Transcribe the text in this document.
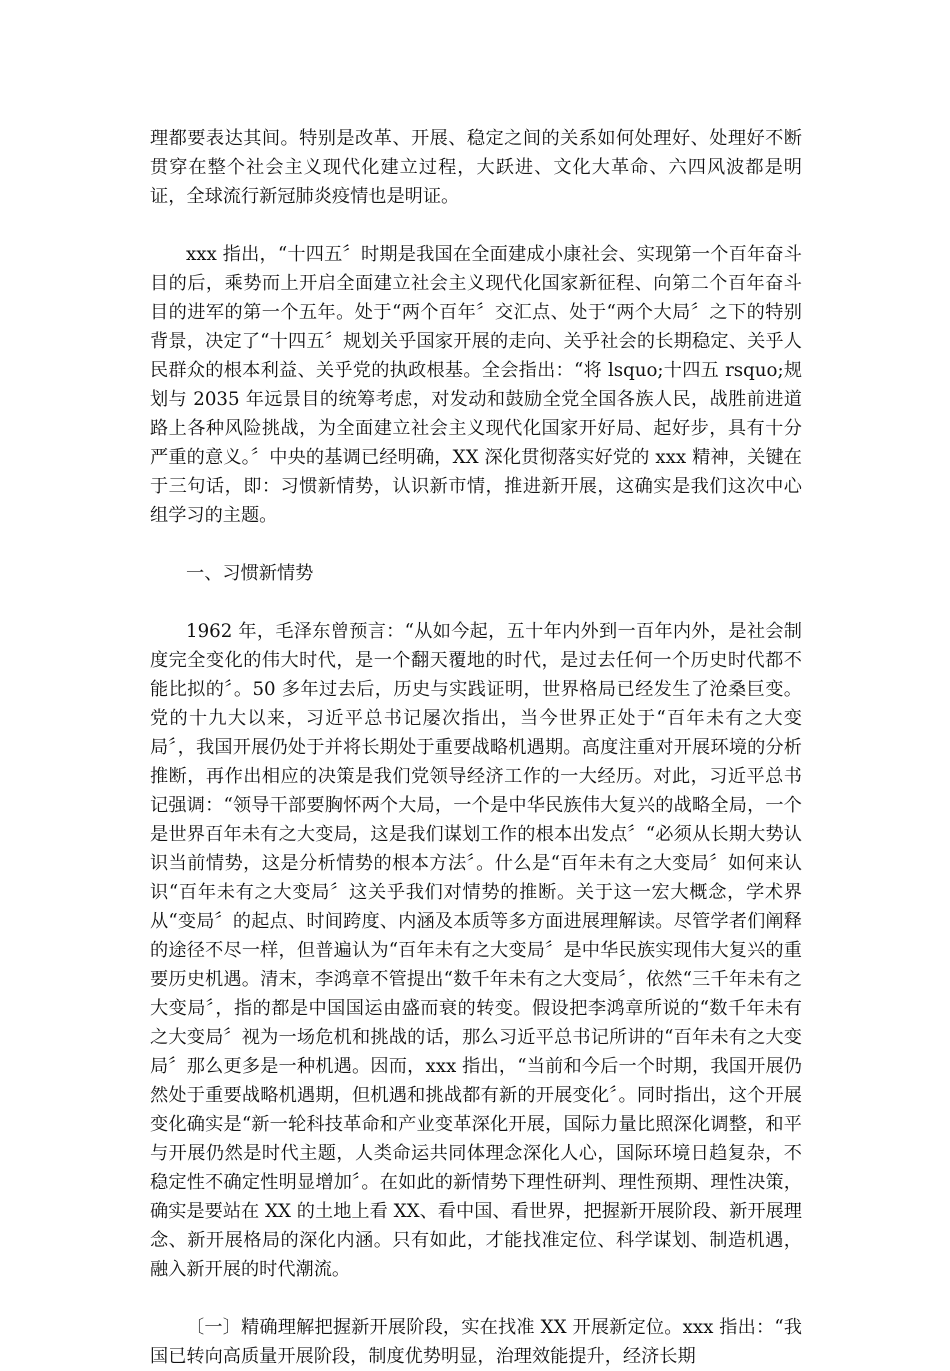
理都要表达其间。特别是改革、开展、稳定之间的关系如何处理好、处理好不断贯穿在整个社会主义现代化建立过程，大跃进、文化大革命、六四风波都是明证，全球流行新冠肺炎疫情也是明证。

xxx 指出，“十四五〞时期是我国在全面建成小康社会、实现第一个百年奋斗目的后，乘势而上开启全面建立社会主义现代化国家新征程、向第二个百年奋斗目的进军的第一个五年。处于“两个百年〞交汇点、处于“两个大局〞之下的特别背景，决定了“十四五〞规划关乎国家开展的走向、关乎社会的长期稳定、关乎人民群众的根本利益、关乎党的执政根基。全会指出：“将 lsquo;十四五 rsquo;规划与 2035 年远景目的统筹考虑，对发动和鼓励全党全国各族人民，战胜前进道路上各种风险挑战，为全面建立社会主义现代化国家开好局、起好步，具有十分严重的意义。〞中央的基调已经明确，XX 深化贯彻落实好党的 xxx 精神，关键在于三句话，即：习惯新情势，认识新市情，推进新开展，这确实是我们这次中心组学习的主题。

一、习惯新情势

1962 年，毛泽东曾预言：“从如今起，五十年内外到一百年内外，是社会制度完全变化的伟大时代，是一个翻天覆地的时代，是过去任何一个历史时代都不能比拟的〞。50 多年过去后，历史与实践证明，世界格局已经发生了沧桑巨变。党的十九大以来，习近平总书记屡次指出，当今世界正处于“百年未有之大变局〞，我国开展仍处于并将长期处于重要战略机遇期。高度注重对开展环境的分析推断，再作出相应的决策是我们党领导经济工作的一大经历。对此，习近平总书记强调：“领导干部要胸怀两个大局，一个是中华民族伟大复兴的战略全局，一个是世界百年未有之大变局，这是我们谋划工作的根本出发点〞“必须从长期大势认识当前情势，这是分析情势的根本方法〞。什么是“百年未有之大变局〞如何来认识“百年未有之大变局〞这关乎我们对情势的推断。关于这一宏大概念，学术界从“变局〞的起点、时间跨度、内涵及本质等多方面进展理解读。尽管学者们阐释的途径不尽一样，但普遍认为“百年未有之大变局〞是中华民族实现伟大复兴的重要历史机遇。清末，李鸿章不管提出“数千年未有之大变局〞，依然“三千年未有之大变局〞，指的都是中国国运由盛而衰的转变。假设把李鸿章所说的“数千年未有之大变局〞视为一场危机和挑战的话，那么习近平总书记所讲的“百年未有之大变局〞那么更多是一种机遇。因而，xxx 指出，“当前和今后一个时期，我国开展仍然处于重要战略机遇期，但机遇和挑战都有新的开展变化〞。同时指出，这个开展变化确实是“新一轮科技革命和产业变革深化开展，国际力量比照深化调整，和平与开展仍然是时代主题，人类命运共同体理念深化人心，国际环境日趋复杂，不稳定性不确定性明显增加〞。在如此的新情势下理性研判、理性预期、理性决策，确实是要站在 XX 的土地上看 XX、看中国、看世界，把握新开展阶段、新开展理念、新开展格局的深化内涵。只有如此，才能找准定位、科学谋划、制造机遇，融入新开展的时代潮流。

〔一〕精确理解把握新开展阶段，实在找准 XX 开展新定位。xxx 指出：“我国已转向高质量开展阶段，制度优势明显，治理效能提升，经济长期
